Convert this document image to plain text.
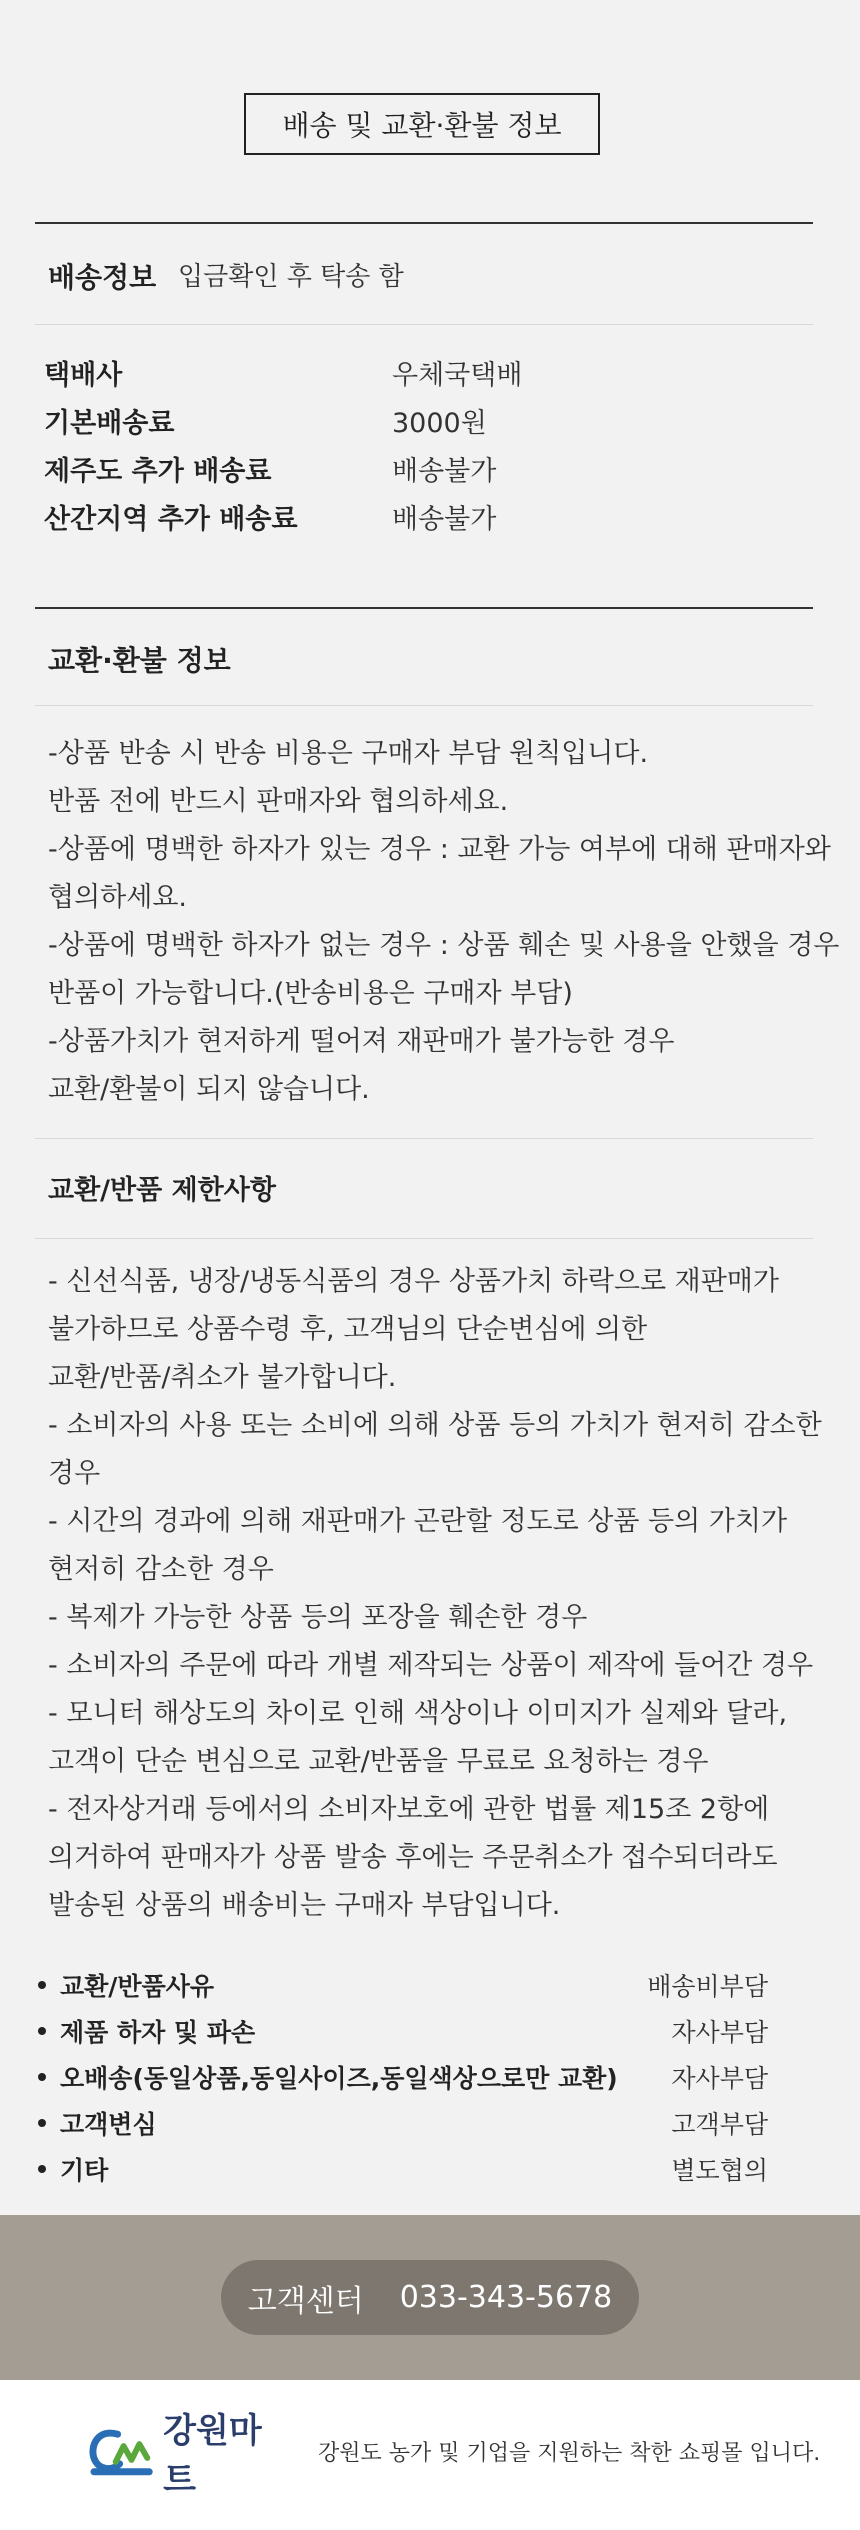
배송 및 교환·환불 정보
배송정보 입금확인 후 탁송 함
택배사	우체국택배
기본배송료	3000원
제주도 추가 배송료	배송불가
산간지역 추가 배송료	배송불가
교환·환불 정보
-상품 반송 시 반송 비용은 구매자 부담 원칙입니다.
반품 전에 반드시 판매자와 협의하세요.
-상품에 명백한 하자가 있는 경우 : 교환 가능 여부에 대해 판매자와
협의하세요.
-상품에 명백한 하자가 없는 경우 : 상품 훼손 및 사용을 안했을 경우
반품이 가능합니다.(반송비용은 구매자 부담)
-상품가치가 현저하게 떨어져 재판매가 불가능한 경우
교환/환불이 되지 않습니다.
교환/반품 제한사항
- 신선식품, 냉장/냉동식품의 경우 상품가치 하락으로 재판매가
불가하므로 상품수령 후, 고객님의 단순변심에 의한
교환/반품/취소가 불가합니다.
- 소비자의 사용 또는 소비에 의해 상품 등의 가치가 현저히 감소한
경우
- 시간의 경과에 의해 재판매가 곤란할 정도로 상품 등의 가치가
현저히 감소한 경우
- 복제가 가능한 상품 등의 포장을 훼손한 경우
- 소비자의 주문에 따라 개별 제작되는 상품이 제작에 들어간 경우
- 모니터 해상도의 차이로 인해 색상이나 이미지가 실제와 달라,
고객이 단순 변심으로 교환/반품을 무료로 요청하는 경우
- 전자상거래 등에서의 소비자보호에 관한 법률 제15조 2항에
의거하여 판매자가 상품 발송 후에는 주문취소가 접수되더라도
발송된 상품의 배송비는 구매자 부담입니다.
교환/반품사유	배송비부담
제품 하자 및 파손	자사부담
오배송(동일상품,동일사이즈,동일색상으로만 교환)	자사부담
고객변심	고객부담
기타	별도협의
고객센터 033-343-5678
강원마트
강원도 농가 및 기업을 지원하는 착한 쇼핑몰 입니다.
